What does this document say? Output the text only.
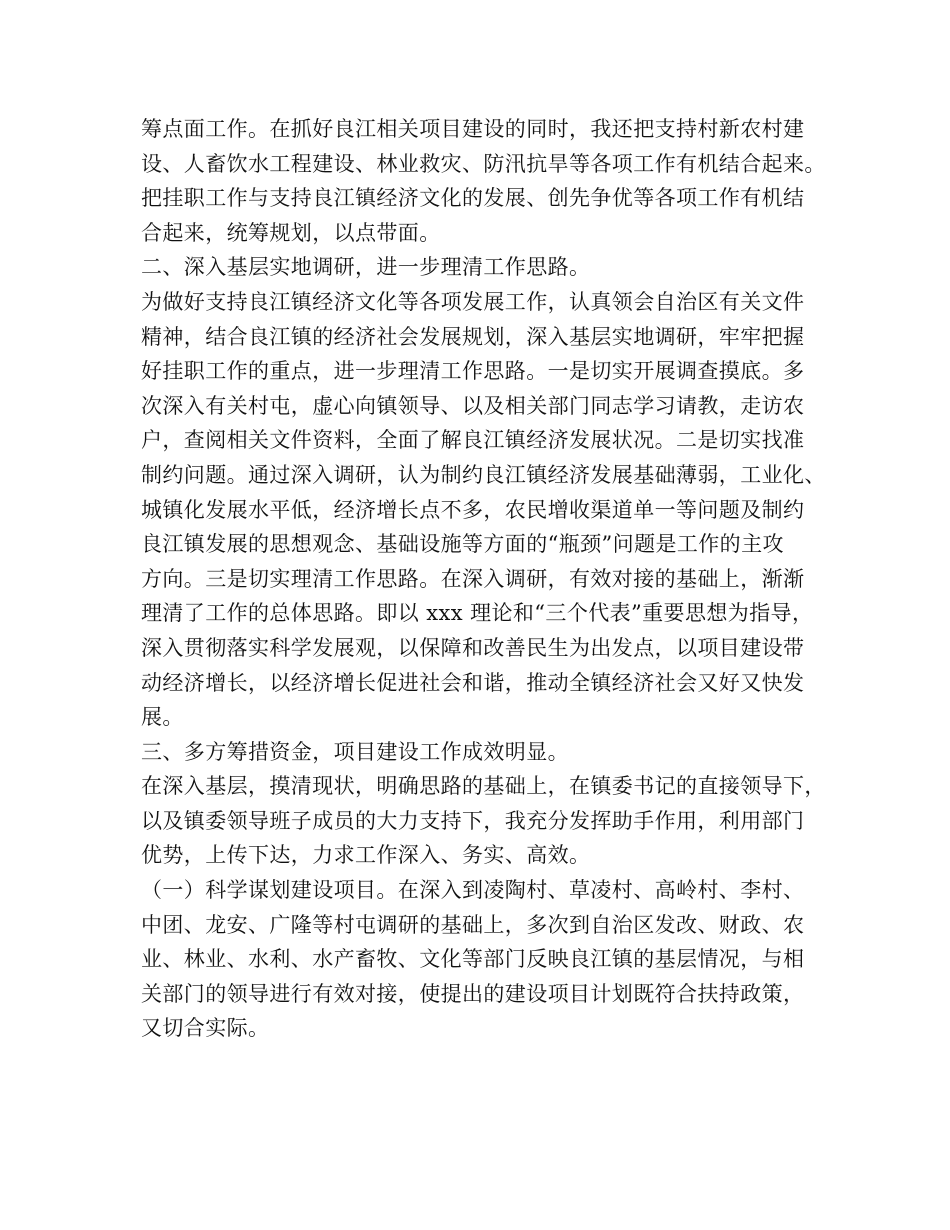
筹点面工作。在抓好良江相关项目建设的同时，我还把支持村新农村建
设、人畜饮水工程建设、林业救灾、防汛抗旱等各项工作有机结合起来。
把挂职工作与支持良江镇经济文化的发展、创先争优等各项工作有机结
合起来，统筹规划，以点带面。
二、深入基层实地调研，进一步理清工作思路。
为做好支持良江镇经济文化等各项发展工作，认真领会自治区有关文件
精神，结合良江镇的经济社会发展规划，深入基层实地调研，牢牢把握
好挂职工作的重点，进一步理清工作思路。一是切实开展调查摸底。多
次深入有关村屯，虚心向镇领导、以及相关部门同志学习请教，走访农
户，查阅相关文件资料，全面了解良江镇经济发展状况。二是切实找准
制约问题。通过深入调研，认为制约良江镇经济发展基础薄弱，工业化、
城镇化发展水平低，经济增长点不多，农民增收渠道单一等问题及制约
良江镇发展的思想观念、基础设施等方面的“瓶颈”问题是工作的主攻
方向。三是切实理清工作思路。在深入调研，有效对接的基础上，渐渐
理清了工作的总体思路。即以 xxx 理论和“三个代表”重要思想为指导，
深入贯彻落实科学发展观，以保障和改善民生为出发点，以项目建设带
动经济增长，以经济增长促进社会和谐，推动全镇经济社会又好又快发
展。
三、多方筹措资金，项目建设工作成效明显。
在深入基层，摸清现状，明确思路的基础上，在镇委书记的直接领导下，
以及镇委领导班子成员的大力支持下，我充分发挥助手作用，利用部门
优势，上传下达，力求工作深入、务实、高效。
（一）科学谋划建设项目。在深入到凌陶村、草凌村、高岭村、李村、
中团、龙安、广隆等村屯调研的基础上，多次到自治区发改、财政、农
业、林业、水利、水产畜牧、文化等部门反映良江镇的基层情况，与相
关部门的领导进行有效对接，使提出的建设项目计划既符合扶持政策，
又切合实际。
